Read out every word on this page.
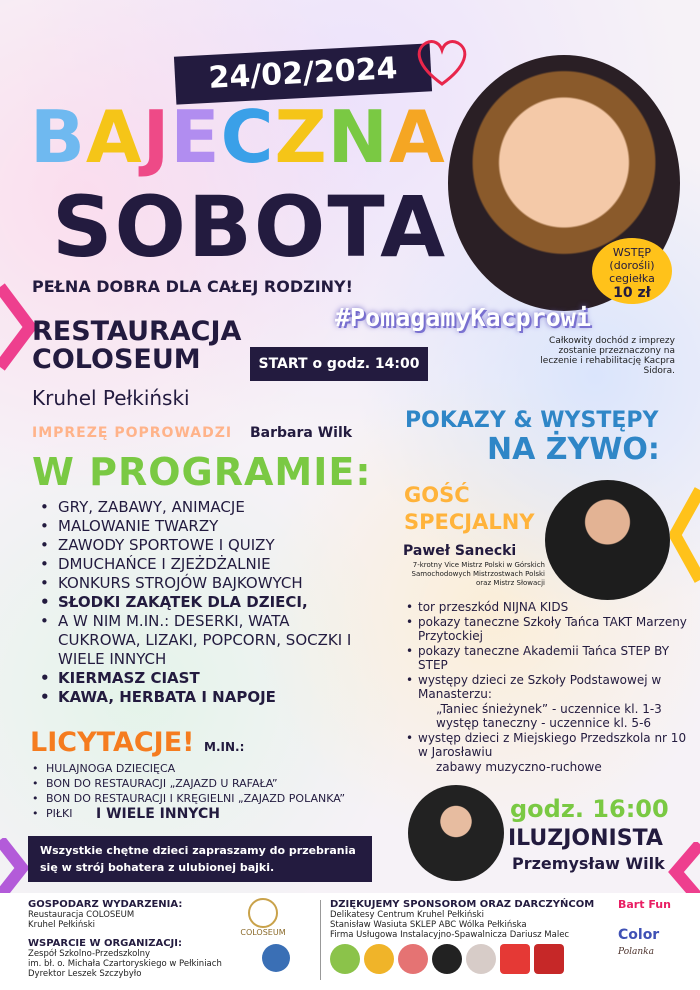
24/02/2024
BAJECZNA
SOBOTA
PEŁNA DOBRA DLA CAŁEJ RODZINY!
WSTĘP
(dorośli)
cegiełka
10 zł
#PomagamyKacprowi
Całkowity dochód z imprezy zostanie przeznaczony na leczenie i rehabilitację Kacpra Sidora.
RESTAURACJA
COLOSEUM
Kruhel Pełkiński
START o godz. 14:00
IMPREZĘ POPROWADZI Barbara Wilk
W PROGRAMIE:
• GRY, ZABAWY, ANIMACJE
• MALOWANIE TWARZY
• ZAWODY SPORTOWE I QUIZY
• DMUCHAŃCE I ZJEŻDŻALNIE
• KONKURS STROJÓW BAJKOWYCH
• SŁODKI ZAKĄTEK DLA DZIECI,
• A W NIM M.IN.: DESERKI, WATA CUKROWA, LIZAKI, POPCORN, SOCZKI I WIELE INNYCH
• KIERMASZ CIAST
• KAWA, HERBATA I NAPOJE
LICYTACJE! M.IN.:
• HULAJNOGA DZIECIĘCA
• BON DO RESTAURACJI „ZAJAZD U RAFAŁA”
• BON DO RESTAURACJI I KRĘGIELNI „ZAJAZD POLANKA”
• PIŁKI	I WIELE INNYCH
Wszystkie chętne dzieci zapraszamy do przebrania się w strój bohatera z ulubionej bajki.
POKAZY & WYSTĘPY
NA ŻYWO:
GOŚĆ
SPECJALNY
Paweł Sanecki
7-krotny Vice Mistrz Polski w Górskich Samochodowych Mistrzostwach Polski oraz Mistrz Słowacji
• tor przeszkód NIJNA KIDS
• pokazy taneczne Szkoły Tańca TAKT Marzeny Przytockiej
• pokazy taneczne Akademii Tańca STEP BY STEP
• występy dzieci ze Szkoły Podstawowej w Manasterzu:
„Taniec śnieżynek” - uczennice kl. 1-3
występ taneczny - uczennice kl. 5-6
• występ dzieci z Miejskiego Przedszkola nr 10 w Jarosławiu
zabawy muzyczno-ruchowe
godz. 16:00
ILUZJONISTA
Przemysław Wilk
GOSPODARZ WYDARZENIA:
Reustauracja COLOSEUM
Kruhel Pełkiński
WSPARCIE W ORGANIZACJI:
Zespół Szkolno-Przedszkolny
im. bł. o. Michała Czartoryskiego w Pełkiniach
Dyrektor Leszek Szczybyło
COLOSEUM
DZIĘKUJEMY SPONSOROM ORAZ DARCZYŃCOM
Delikatesy Centrum Kruhel Pełkiński
Stanisław Wasiuta SKLEP ABC Wólka Pełkińska
Firma Usługowa Instalacyjno-Spawalnicza Dariusz Malec
Bart Fun
Color
Polanka
